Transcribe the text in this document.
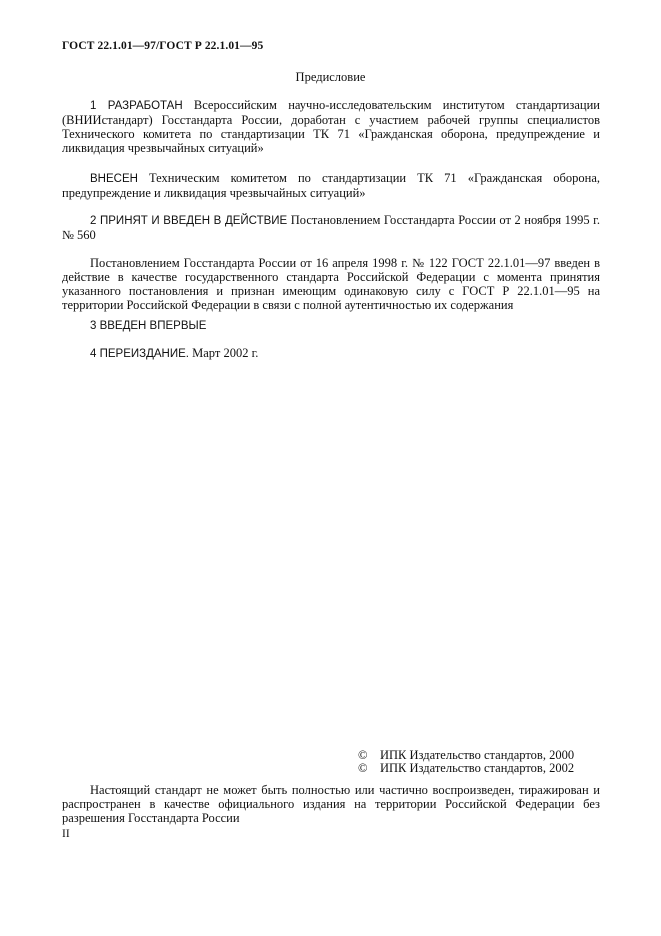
ГОСТ 22.1.01—97/ГОСТ Р 22.1.01—95
Предисловие
1 РАЗРАБОТАН Всероссийским научно-исследовательским институтом стандартизации (ВНИИстандарт) Госстандарта России, доработан с участием рабочей группы специалистов Технического комитета по стандартизации ТК 71 «Гражданская оборона, предупреждение и ликвидация чрезвычайных ситуаций»
ВНЕСЕН Техническим комитетом по стандартизации ТК 71 «Гражданская оборона, предупреждение и ликвидация чрезвычайных ситуаций»
2 ПРИНЯТ И ВВЕДЕН В ДЕЙСТВИЕ Постановлением Госстандарта России от 2 ноября 1995 г. № 560
Постановлением Госстандарта России от 16 апреля 1998 г. № 122 ГОСТ 22.1.01—97 введен в действие в качестве государственного стандарта Российской Федерации с момента принятия указанного постановления и признан имеющим одинаковую силу с ГОСТ Р 22.1.01—95 на территории Российской Федерации в связи с полной аутентичностью их содержания
3 ВВЕДЕН ВПЕРВЫЕ
4 ПЕРЕИЗДАНИЕ. Март 2002 г.
© ИПК Издательство стандартов, 2000
© ИПК Издательство стандартов, 2002
Настоящий стандарт не может быть полностью или частично воспроизведен, тиражирован и распространен в качестве официального издания на территории Российской Федерации без разрешения Госстандарта России
II
